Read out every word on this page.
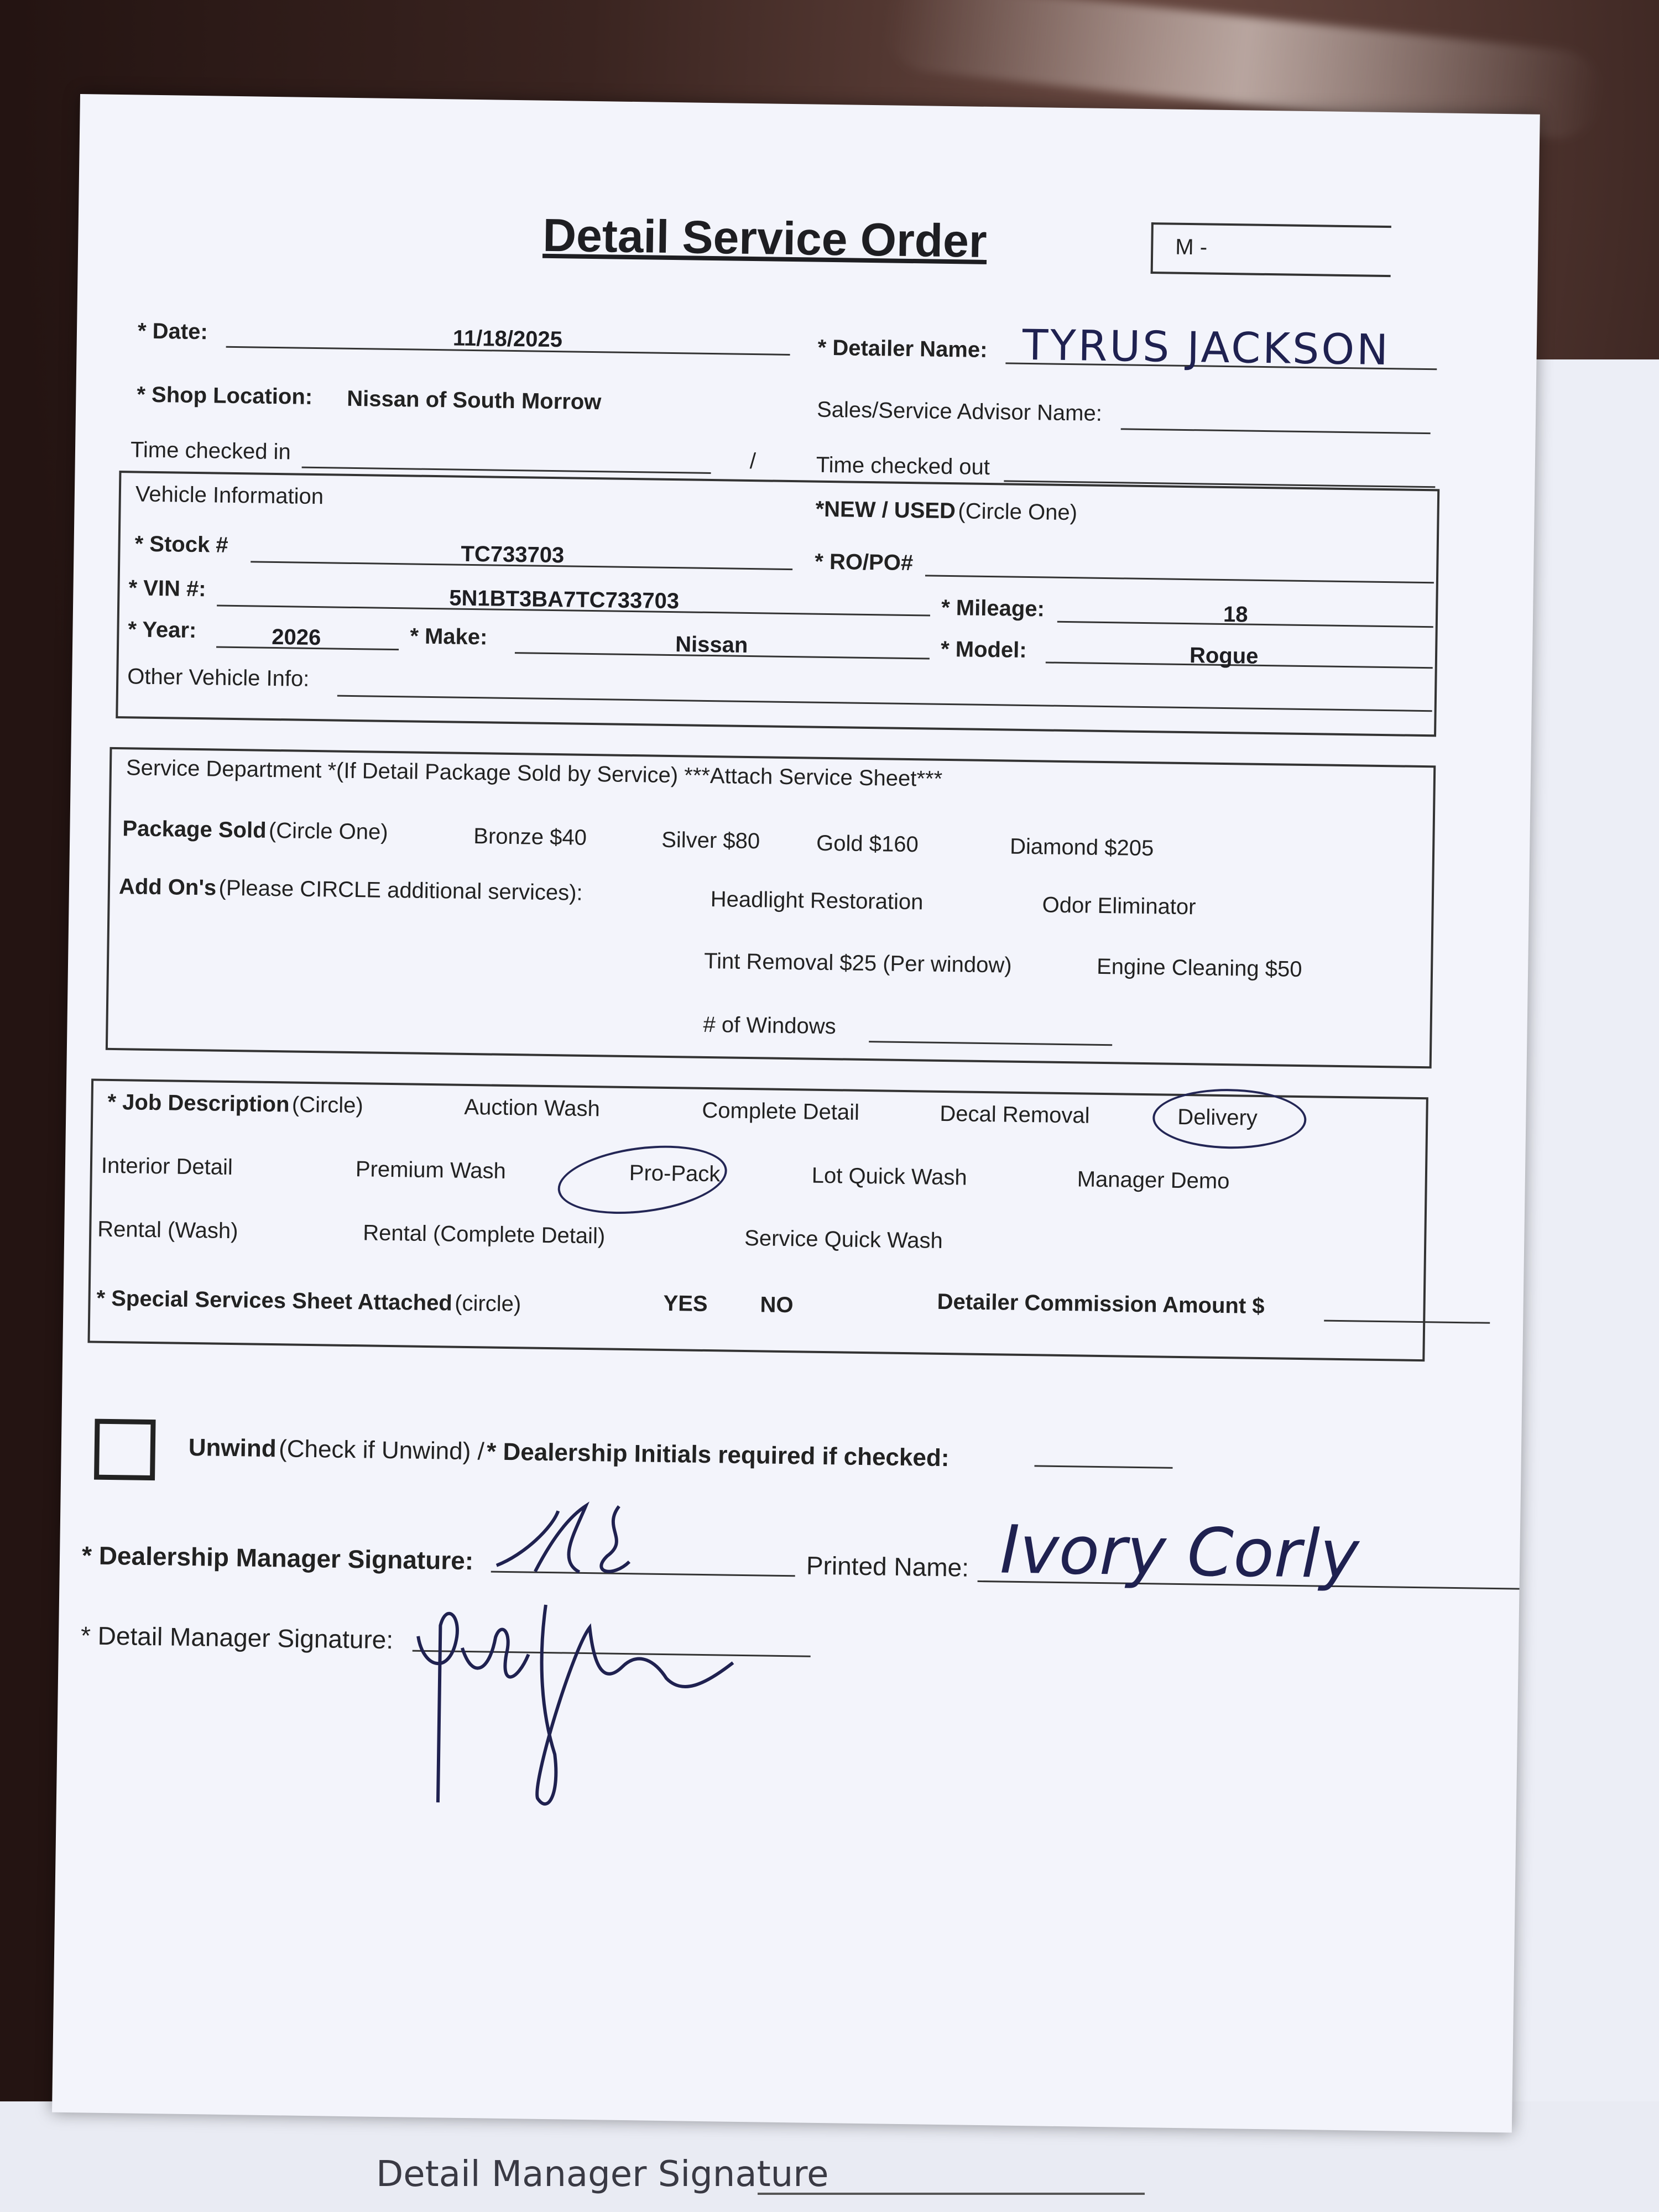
Detail Manager Signature
Detail Service Order	M -
* Date:	11/18/2025	* Detailer Name: TYRUS JACKSON
* Shop Location: Nissan of South Morrow	Sales/Service Advisor Name:
Time checked in	/	Time checked out
Vehicle Information
*NEW / USED (Circle One)
* Stock #	TC733703	* RO/PO#
* VIN #:	5N1BT3BA7TC733703	* Mileage:	18
* Year:	2026	* Make:	Nissan	* Model:	Rogue
Other Vehicle Info:
Service Department *(If Detail Package Sold by Service) ***Attach Service Sheet***
Package Sold (Circle One)	Bronze $40	Silver $80	Gold $160	Diamond $205
Add On's (Please CIRCLE additional services):	Headlight Restoration	Odor Eliminator
Tint Removal $25 (Per window)	Engine Cleaning $50
# of Windows
* Job Description (Circle)	Auction Wash	Complete Detail	Decal Removal	Delivery
Interior Detail	Premium Wash	Pro-Pack	Lot Quick Wash	Manager Demo
Rental (Wash)	Rental (Complete Detail)	Service Quick Wash
* Special Services Sheet Attached (circle)	YES NO	Detailer Commission Amount $
Unwind (Check if Unwind) / * Dealership Initials required if checked:
* Dealership Manager Signature:	Printed Name: Ivory Corly
* Detail Manager Signature:
